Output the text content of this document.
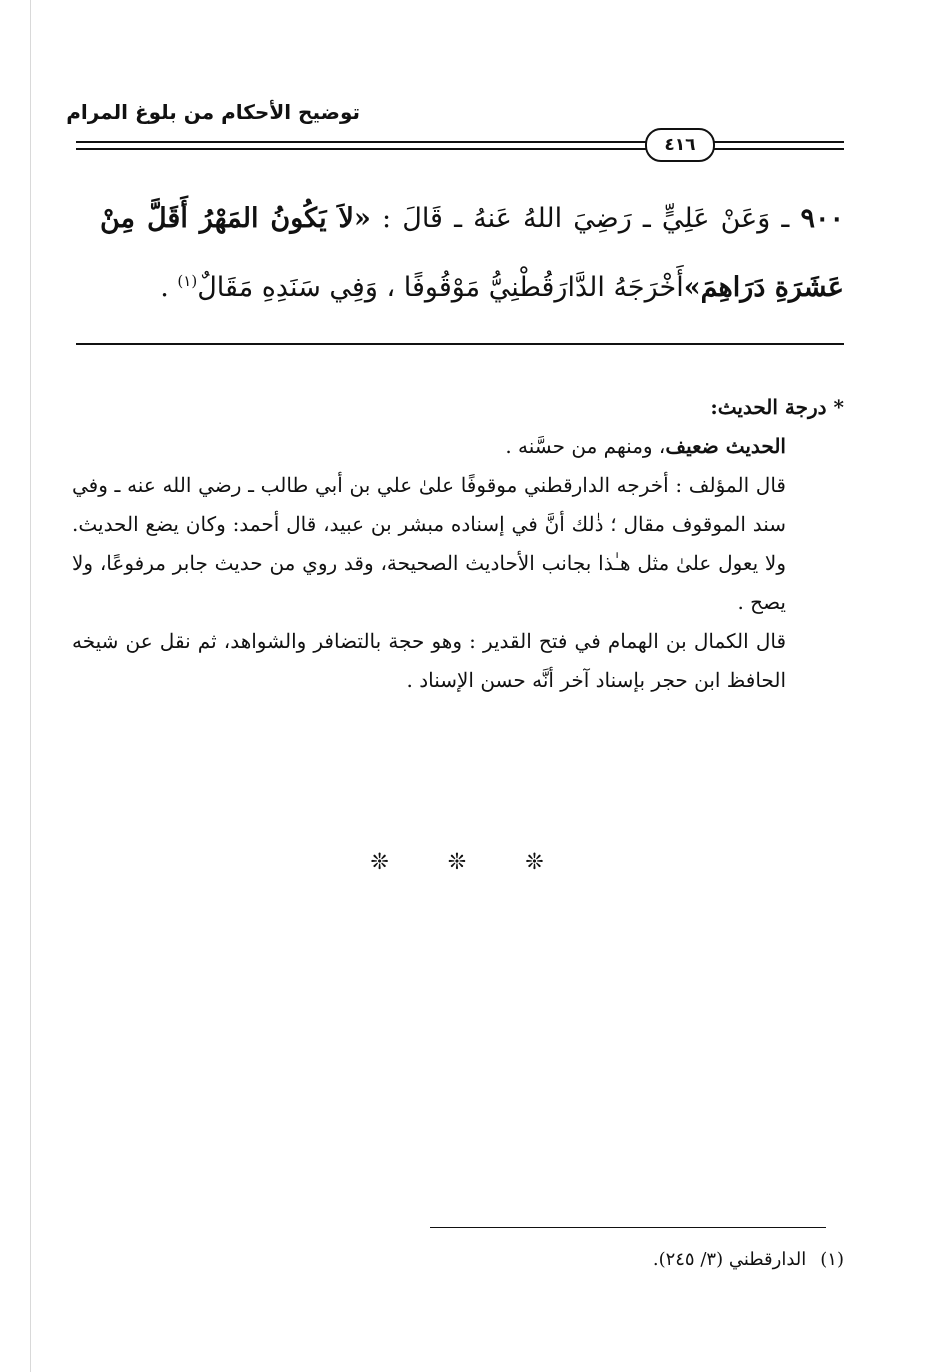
توضيح الأحكام من بلوغ المرام
٤١٦
٩٠٠ ـ وَعَنْ عَلِيٍّ ـ رَضِيَ اللهُ عَنهُ ـ قَالَ : «لاَ يَكُونُ المَهْرُ أَقَلَّ مِنْ عَشَرَةِ دَرَاهِمَ»أَخْرَجَهُ الدَّارَقُطْنِيُّ مَوْقُوفًا ، وَفِي سَنَدِهِ مَقَالٌ$^{(١)}$ .

* درجة الحديث:

الحديث ضعيف، ومنهم من حسَّنه .

قال المؤلف : أخرجه الدارقطني موقوفًا علىٰ علي بن أبي طالب ـ رضي الله عنه ـ وفي سند الموقوف مقال ؛ ذٰلك أنَّ في إسناده مبشر بن عبيد، قال أحمد: وكان يضع الحديث. ولا يعول علىٰ مثل هـٰذا بجانب الأحاديث الصحيحة، وقد روي من حديث جابر مرفوعًا، ولا يصح .

قال الكمال بن الهمام في فتح القدير : وهو حجة بالتضافر والشواهد، ثم نقل عن شيخه الحافظ ابن حجر بإسناد آخر أنَّه حسن الإسناد .

❊ ❊ ❊
(١)الدارقطني (٣/ ٢٤٥).
